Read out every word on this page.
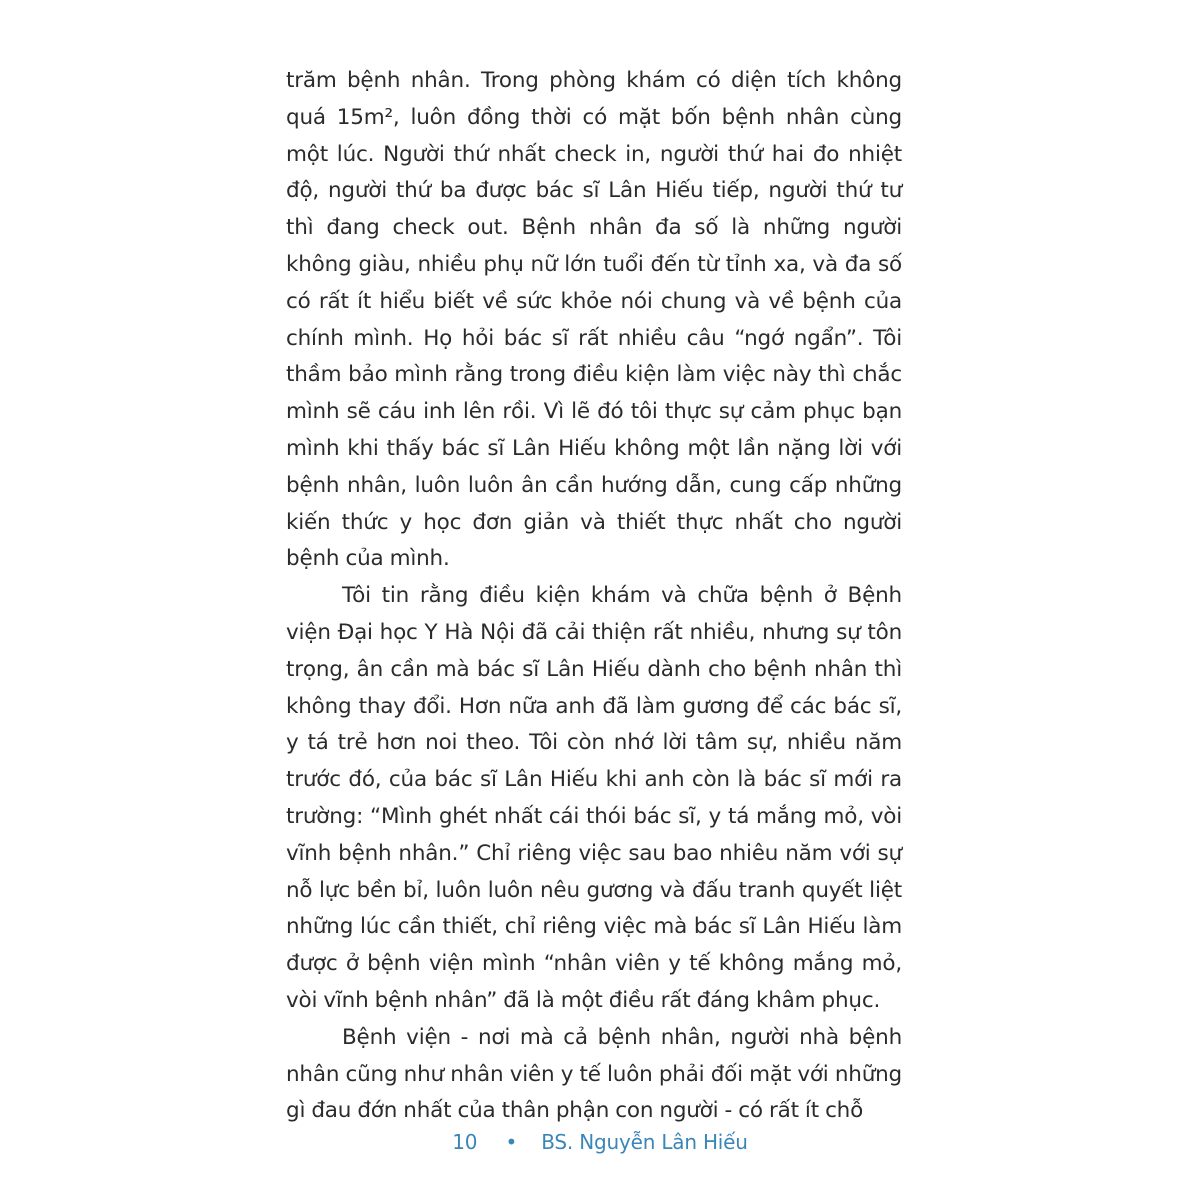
trăm bệnh nhân. Trong phòng khám có diện tích không quá 15m², luôn đồng thời có mặt bốn bệnh nhân cùng một lúc. Người thứ nhất check in, người thứ hai đo nhiệt độ, người thứ ba được bác sĩ Lân Hiếu tiếp, người thứ tư thì đang check out. Bệnh nhân đa số là những người không giàu, nhiều phụ nữ lớn tuổi đến từ tỉnh xa, và đa số có rất ít hiểu biết về sức khỏe nói chung và về bệnh của chính mình. Họ hỏi bác sĩ rất nhiều câu “ngớ ngẩn”. Tôi thầm bảo mình rằng trong điều kiện làm việc này thì chắc mình sẽ cáu inh lên rồi. Vì lẽ đó tôi thực sự cảm phục bạn mình khi thấy bác sĩ Lân Hiếu không một lần nặng lời với bệnh nhân, luôn luôn ân cần hướng dẫn, cung cấp những kiến thức y học đơn giản và thiết thực nhất cho người bệnh của mình.

Tôi tin rằng điều kiện khám và chữa bệnh ở Bệnh viện Đại học Y Hà Nội đã cải thiện rất nhiều, nhưng sự tôn trọng, ân cần mà bác sĩ Lân Hiếu dành cho bệnh nhân thì không thay đổi. Hơn nữa anh đã làm gương để các bác sĩ, y tá trẻ hơn noi theo. Tôi còn nhớ lời tâm sự, nhiều năm trước đó, của bác sĩ Lân Hiếu khi anh còn là bác sĩ mới ra trường: “Mình ghét nhất cái thói bác sĩ, y tá mắng mỏ, vòi vĩnh bệnh nhân.” Chỉ riêng việc sau bao nhiêu năm với sự nỗ lực bền bỉ, luôn luôn nêu gương và đấu tranh quyết liệt những lúc cần thiết, chỉ riêng việc mà bác sĩ Lân Hiếu làm được ở bệnh viện mình “nhân viên y tế không mắng mỏ, vòi vĩnh bệnh nhân” đã là một điều rất đáng khâm phục.

Bệnh viện - nơi mà cả bệnh nhân, người nhà bệnh nhân cũng như nhân viên y tế luôn phải đối mặt với những gì đau đớn nhất của thân phận con người - có rất ít chỗ

10 • BS. Nguyễn Lân Hiếu
